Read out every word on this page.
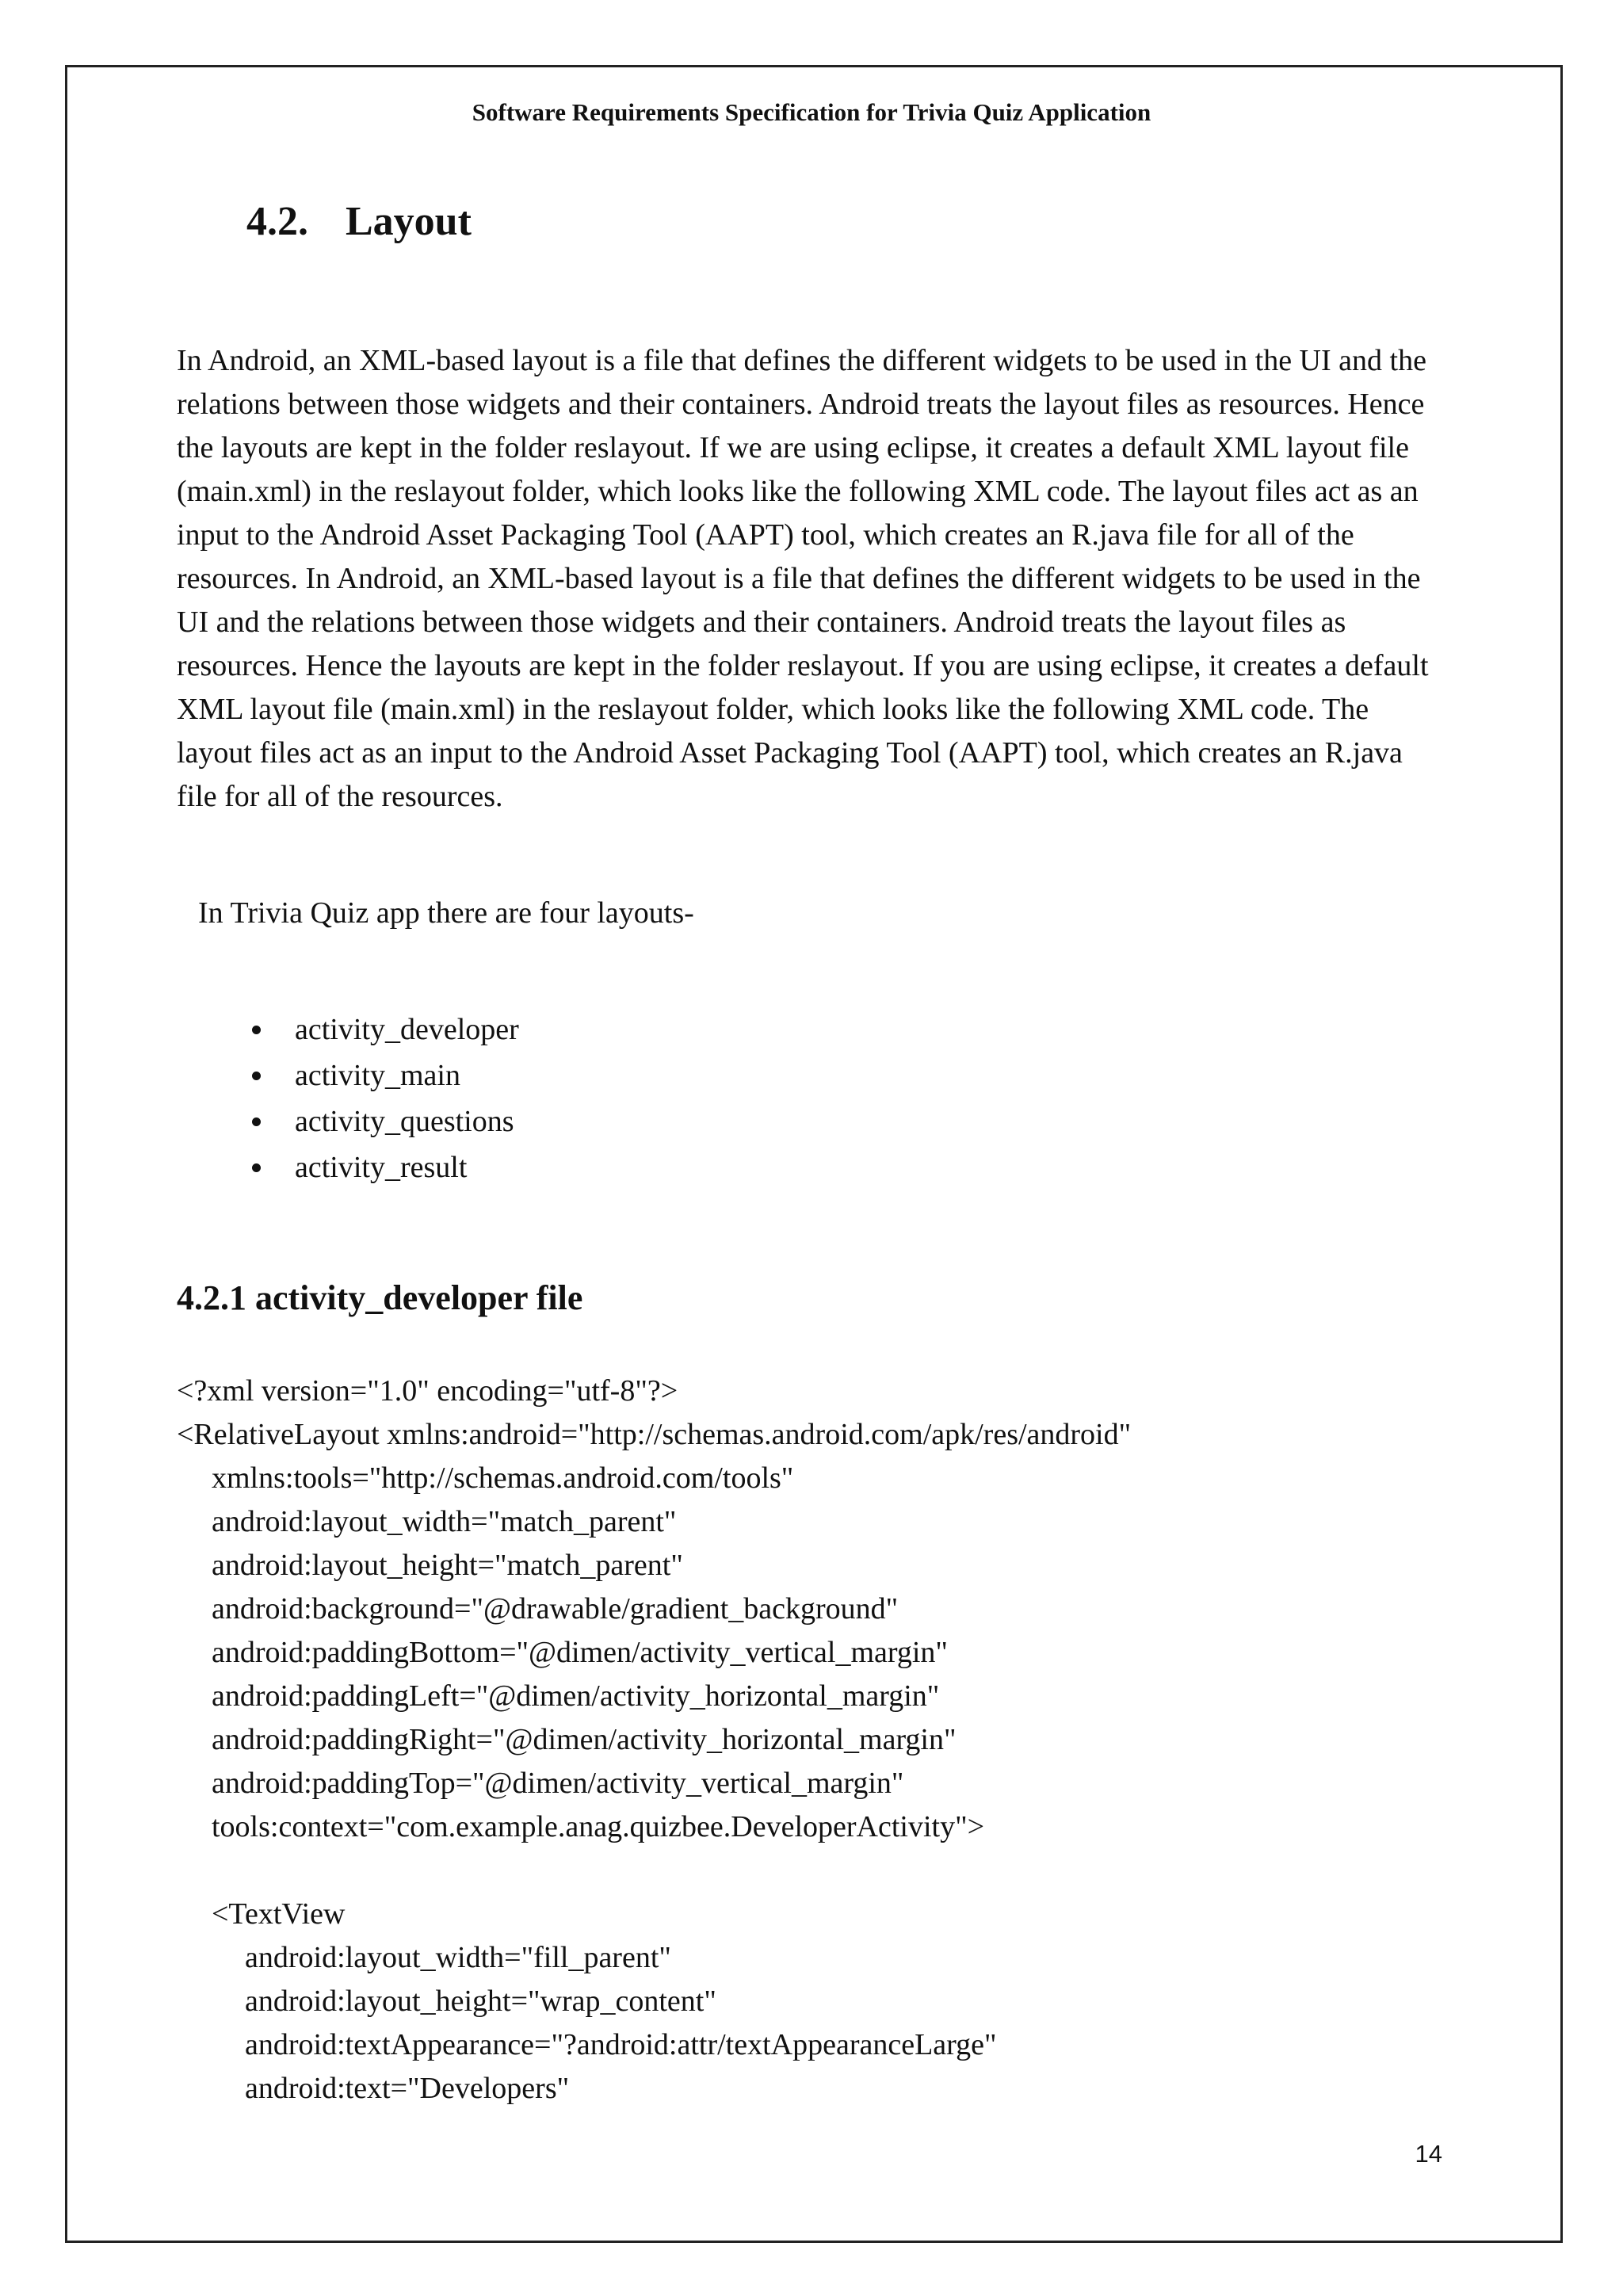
Software Requirements Specification for Trivia Quiz Application
4.2. Layout

In Android, an XML-based layout is a file that defines the different widgets to be used in the UI and the relations between those widgets and their containers. Android treats the layout files as resources. Hence the layouts are kept in the folder reslayout. If we are using eclipse, it creates a default XML layout file (main.xml) in the reslayout folder, which looks like the following XML code. The layout files act as an input to the Android Asset Packaging Tool (AAPT) tool, which creates an R.java file for all of the resources. In Android, an XML-based layout is a file that defines the different widgets to be used in the UI and the relations between those widgets and their containers. Android treats the layout files as resources. Hence the layouts are kept in the folder reslayout. If you are using eclipse, it creates a default XML layout file (main.xml) in the reslayout folder, which looks like the following XML code. The layout files act as an input to the Android Asset Packaging Tool (AAPT) tool, which creates an R.java file for all of the resources.

In Trivia Quiz app there are four layouts-
activity_developer
activity_main
activity_questions
activity_result
4.2.1 activity_developer file
<?xml version="1.0" encoding="utf-8"?>
<RelativeLayout xmlns:android="http://schemas.android.com/apk/res/android"
xmlns:tools="http://schemas.android.com/tools"
android:layout_width="match_parent"
android:layout_height="match_parent"
android:background="@drawable/gradient_background"
android:paddingBottom="@dimen/activity_vertical_margin"
android:paddingLeft="@dimen/activity_horizontal_margin"
android:paddingRight="@dimen/activity_horizontal_margin"
android:paddingTop="@dimen/activity_vertical_margin"
tools:context="com.example.anag.quizbee.DeveloperActivity">
<TextView
android:layout_width="fill_parent"
android:layout_height="wrap_content"
android:textAppearance="?android:attr/textAppearanceLarge"
android:text="Developers"
14
